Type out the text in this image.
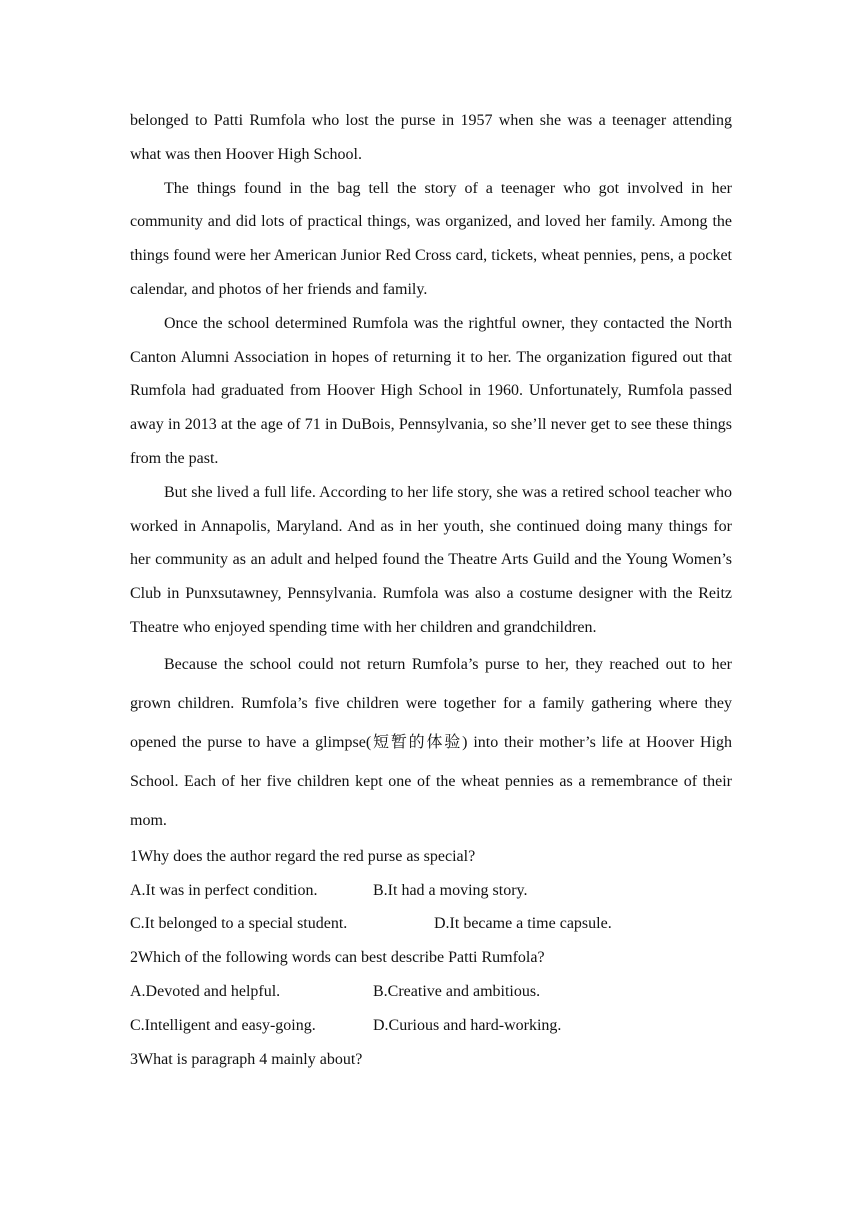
belonged to Patti Rumfola who lost the purse in 1957 when she was a teenager attending what was then Hoover High School.

The things found in the bag tell the story of a teenager who got involved in her community and did lots of practical things, was organized, and loved her family. Among the things found were her American Junior Red Cross card, tickets, wheat pennies, pens, a pocket calendar, and photos of her friends and family.

Once the school determined Rumfola was the rightful owner, they contacted the North Canton Alumni Association in hopes of returning it to her. The organization figured out that Rumfola had graduated from Hoover High School in 1960. Unfortunately, Rumfola passed away in 2013 at the age of 71 in DuBois, Pennsylvania, so she’ll never get to see these things from the past.

But she lived a full life. According to her life story, she was a retired school teacher who worked in Annapolis, Maryland. And as in her youth, she continued doing many things for her community as an adult and helped found the Theatre Arts Guild and the Young Women’s Club in Punxsutawney, Pennsylvania. Rumfola was also a costume designer with the Reitz Theatre who enjoyed spending time with her children and grandchildren.

Because the school could not return Rumfola’s purse to her, they reached out to her grown children. Rumfola’s five children were together for a family gathering where they opened the purse to have a glimpse(短暂的体验) into their mother’s life at Hoover High School. Each of her five children kept one of the wheat pennies as a remembrance of their mom.

1Why does the author regard the red purse as special?

A.It was in perfect condition.	B.It had a moving story.
C.It belonged to a special student.	D.It became a time capsule.

2Which of the following words can best describe Patti Rumfola?

A.Devoted and helpful.	B.Creative and ambitious.
C.Intelligent and easy-going.	D.Curious and hard-working.

3What is paragraph 4 mainly about?
